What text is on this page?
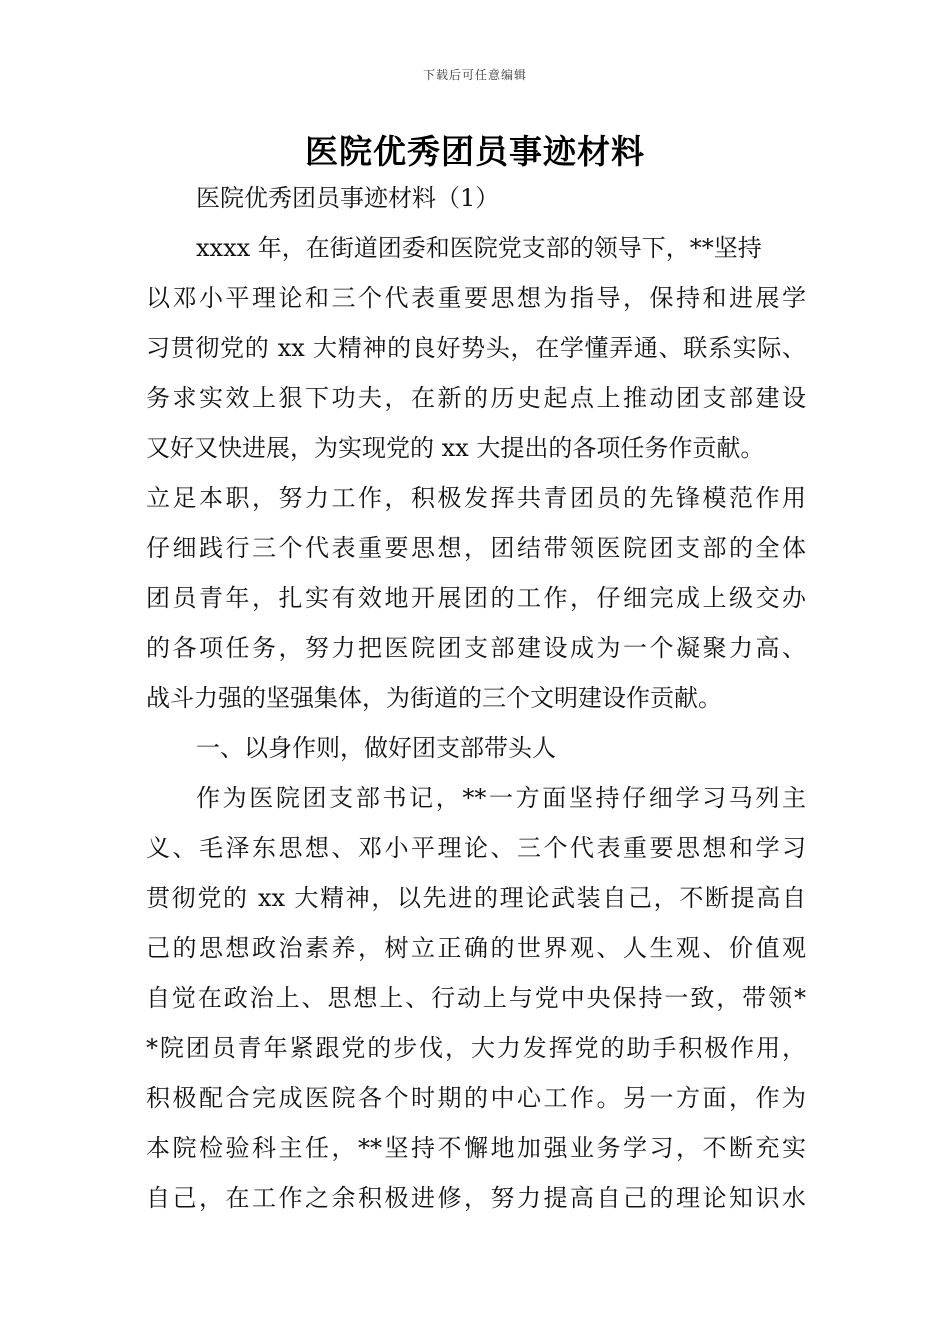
下载后可任意编辑
医院优秀团员事迹材料
医院优秀团员事迹材料（1）
xxxx 年，在街道团委和医院党支部的领导下，**坚持
以邓小平理论和三个代表重要思想为指导，保持和进展学
习贯彻党的 xx 大精神的良好势头，在学懂弄通、联系实际、
务求实效上狠下功夫，在新的历史起点上推动团支部建设
又好又快进展，为实现党的 xx 大提出的各项任务作贡献。
立足本职，努力工作，积极发挥共青团员的先锋模范作用
仔细践行三个代表重要思想，团结带领医院团支部的全体
团员青年，扎实有效地开展团的工作，仔细完成上级交办
的各项任务，努力把医院团支部建设成为一个凝聚力高、
战斗力强的坚强集体，为街道的三个文明建设作贡献。
一、以身作则，做好团支部带头人
作为医院团支部书记，**一方面坚持仔细学习马列主
义、毛泽东思想、邓小平理论、三个代表重要思想和学习
贯彻党的 xx 大精神，以先进的理论武装自己，不断提高自
己的思想政治素养，树立正确的世界观、人生观、价值观
自觉在政治上、思想上、行动上与党中央保持一致，带领*
*院团员青年紧跟党的步伐，大力发挥党的助手积极作用，
积极配合完成医院各个时期的中心工作。另一方面，作为
本院检验科主任，**坚持不懈地加强业务学习，不断充实
自己，在工作之余积极进修，努力提高自己的理论知识水
